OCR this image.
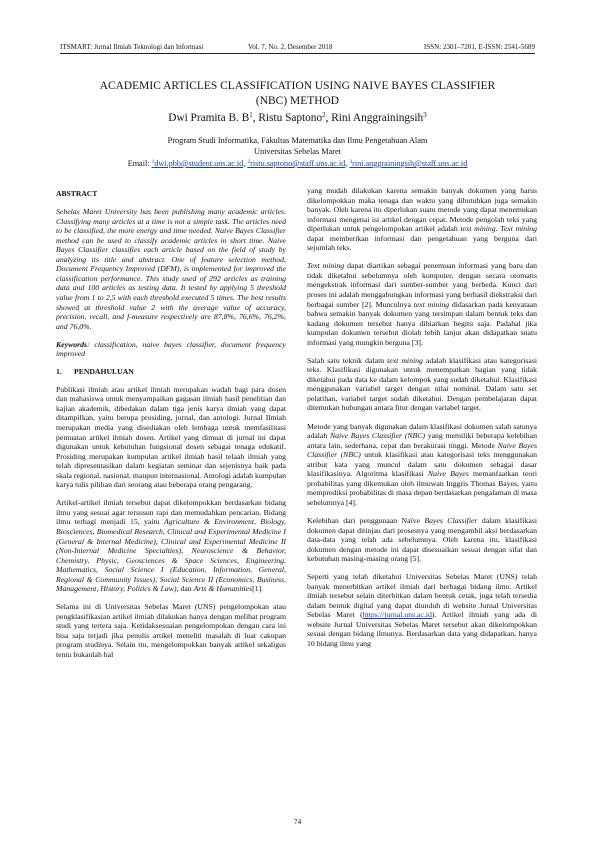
ITSMART: Jurnal Ilmiah Teknologi dan Informasi	Vol. 7, No. 2, Desember 2018	ISSN: 2301–7201, E-ISSN: 2541-5689
ACADEMIC ARTICLES CLASSIFICATION USING NAIVE BAYES CLASSIFIER
(NBC) METHOD
Dwi Pramita B. $B^1$, Ristu Saptono$^2$, Rini Anggrainingsih$^3$
Program Studi Informatika, Fakultas Matematika dan Ilmu Pengetahuan Alam
Universitas Sebelas Maret
Email: $^1$dwi.pbb@student.uns.ac.id, $^2$ristu.saptono@staff.uns.ac.id, $^3$rini.anggrainingsih@staff.uns.ac.id
ABSTRACT

Sebelas Maret University has been publishing many academic articles. Classifying many articles at a time is not a simple task. The articles need to be classified, the more energy and time needed. Naive Bayes Classifier method can be used to classify academic articles in short time. Naive Bayes Classifier classifies each article based on the field of study by analyzing its title and abstract. One of feature selection method, Document Frequency Improved (DFM), is implemented for improved the classification performance. This study used of 292 articles as training data and 100 articles as testing data. It tested by applying 5 threshold value from 1 to 2,5 with each threshold executed 5 times. The best results showed at threshold value 2 with the average value of accuracy, precision, recall, and f-measure respectively are 87,8%, 76,6%, 76,2%, and 76,0%.

Keywords: classification, naive bayes classifier, document frequency improved

1. PENDAHULUAN

Publikasi ilmiah atau artikel ilmiah merupakan wadah bagi para dosen dan mahasiswa untuk menyampaikan gagasan ilmiah hasil penelitian dan kajian akademik, dibedakan dalam tiga jenis karya ilmiah yang dapat ditampilkan, yaitu berupa prosiding, jurnal, dan antologi. Jurnal Ilmiah merupakan media yang disediakan oleh lembaga untuk memfasilitasi pemuatan artikel ilmiah dosen. Artikel yang dimuat di jurnal ini dapat digunakan untuk kebutuhan fungsional dosen sebagai tenaga edukatif. Prosiding merupakan kumpulan artikel ilmiah hasil telaah ilmiah yang telah dipresentasikan dalam kegiatan seminar dan sejenisnya baik pada skala regional, nasional, maupun internasional. Antologi adalah kumpulan karya tulis pilihan dari seorang atau beberapa orang pengarang.

Artikel-artikel ilmiah tersebut dapat dikelompokkan berdasarkan bidang ilmu yang sesuai agar tersusun rapi dan memudahkan pencarian. Bidang ilmu terbagi menjadi 15, yaitu Agriculture & Environment, Biology, Biosciences, Biomedical Research, Clinical and Experimental Medicine I (General & Internal Medicine), Clinical and Experimental Medicine II (Non-Internal Medicine Specialties), Neuroscience & Behavior, Chemistry, Physic, Geosciences & Space Sciences, Engineering, Mathematics, Social Science I (Education, Information, General, Regional & Community Issues), Social Science II (Economics, Business, Management, History, Politics & Law), dan Arts & Humanities[1].

Selama ini di Universitas Sebelas Maret (UNS) pengelompokan atau pengklasifikasian artikel ilmiah dilakukan hanya dengan melihat program studi yang tertera saja. Ketidaksesuaian pengelompokan dengan cara ini bisa saja terjadi jika penulis artikel meneliti masalah di luar cakupan program studinya. Selain itu, mengelompokkan banyak artikel sekaligus tentu bukanlah hal

yang mudah dilakukan karena semakin banyak dokumen yang harus dikelompokkan maka tenaga dan waktu yang dibutuhkan juga semakin banyak. Oleh karena itu diperlukan suatu metode yang dapat menemukan informasi mengenai isi artikel dengan cepat. Metode pengolah teks yang diperlukan untuk pengelompokan artikel adalah text mining. Text mining dapat memberikan informasi dan pengetahuan yang berguna dari sejumlah teks.

Text mining dapat diartikan sebagai penemuan informasi yang baru dan tidak diketahui sebelumnya oleh komputer, dengan secara otomatis mengekstrak informasi dari sumber-sumber yang berbeda. Kunci dari proses ini adalah menggabungkan informasi yang berhasil diekstraksi dari berbagai sumber [2]. Munculnya text mining didasarkan pada kenyataan bahwa semakin banyak dokumen yang tersimpan dalam bentuk teks dan kadang dokumen tersebut hanya dibiarkan begitu saja. Padahal jika kumpulan dokumen tersebut diolah lebih lanjut akan didapatkan suatu informasi yang mungkin berguna [3].

Salah satu teknik dalam text mining adalah klasifikasi atau kategorisasi teks. Klasifikasi digunakan untuk menempatkan bagian yang tidak diketahui pada data ke dalam kelompok yang sudah diketahui. Klasifikasi menggunakan variabel target dengan nilai nominal. Dalam satu set pelatihan, variabel target sudah diketahui. Dengan pembelajaran dapat ditemukan hubungan antara fitur dengan variabel target.

Metode yang banyak digunakan dalam klasifikasi dokumen salah satunya adalah Naive Bayes Classifier (NBC) yang memiliki beberapa kelebihan antara lain, sederhana, cepat dan berakurasi tinggi. Metode Naive Bayes Classifier (NBC) untuk klasifikasi atau kategorisasi teks menggunakan atribut kata yang muncul dalam satu dokumen sebagai dasar klasifikasinya. Algoritma klasifikasi Naive Bayes memanfaatkan teori probabilitas yang dikemukan oleh ilmuwan Inggris Thomas Bayes, yaitu memprediksi probabilitas di masa depan berdasarkan pengalaman di masa sebelumnya [4].

Kelebihan dari penggunaan Naïve Bayes Classifier dalam klasifikasi dokumen dapat ditinjau dari prosesnya yang mengambil aksi berdasarkan data-data yang telah ada sebelumnya. Oleh karena itu, klasifikasi dokumen dengan metode ini dapat disesuaikan sesuai dengan sifat dan kebutuhan masing-masing orang [5].

Seperti yang telah diketahui Universitas Sebelas Maret (UNS) telah banyak menerbitkan artikel ilmiah dari berbagai bidang ilmu. Artikel ilmiah tersebut selain diterbitkan dalam bentuk cetak, juga telah tersedia dalam bentuk digital yang dapat diunduh di website Jurnal Universitas Sebelas Maret (https://jurnal.uns.ac.id). Artikel ilmiah yang ada di website Jurnal Universitas Sebelas Maret tersebut akan dikelompokkan sesuai dengan bidang ilmunya. Berdasarkan data yang didapatkan, hanya 10 bidang ilmu yang

74
